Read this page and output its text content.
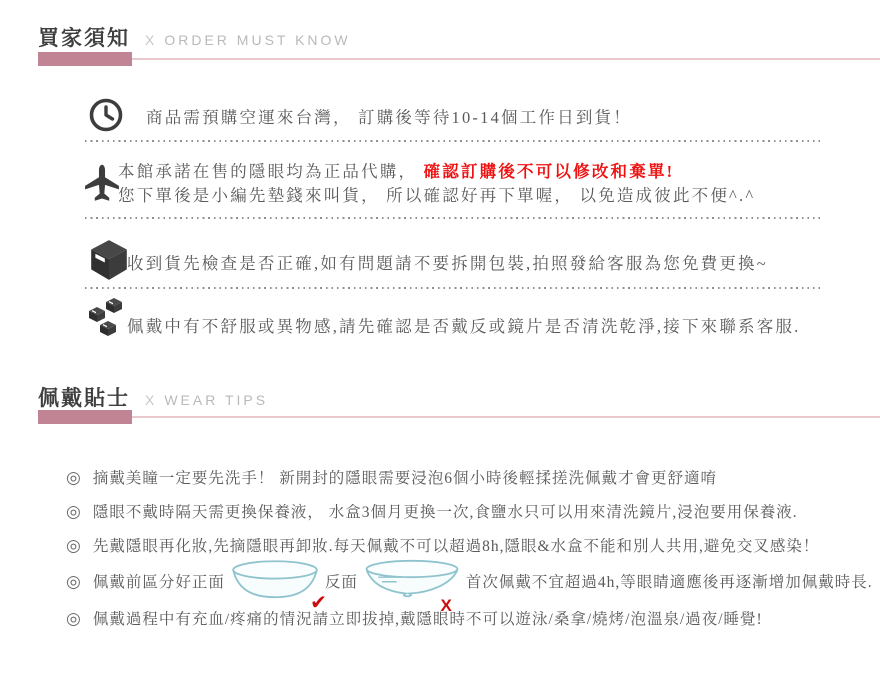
買家須知 X ORDER MUST KNOW
商品需預購空運來台灣， 訂購後等待10-14個工作日到貨！
本館承諾在售的隱眼均為正品代購， 確認訂購後不可以修改和棄單!
您下單後是小編先墊錢來叫貨， 所以確認好再下單喔， 以免造成彼此不便^.^
收到貨先檢查是否正確,如有問題請不要拆開包裝,拍照發給客服為您免費更換~
佩戴中有不舒服或異物感,請先確認是否戴反或鏡片是否清洗乾淨,接下來聯系客服.
佩戴貼士 X WEAR TIPS
◎ 摘戴美瞳一定要先洗手！ 新開封的隱眼需要浸泡6個小時後輕揉搓洗佩戴才會更舒適唷
◎ 隱眼不戴時隔天需更換保養液， 水盒3個月更換一次,食鹽水只可以用來清洗鏡片,浸泡要用保養液.
◎ 先戴隱眼再化妝,先摘隱眼再卸妝.每天佩戴不可以超過8h,隱眼&水盒不能和別人共用,避免交叉感染！
◎ 佩戴前區分好正面
✔
反面
X
首次佩戴不宜超過4h,等眼睛適應後再逐漸增加佩戴時長.
◎ 佩戴過程中有充血/疼痛的情況請立即拔掉,戴隱眼時不可以遊泳/桑拿/燒烤/泡溫泉/過夜/睡覺!
